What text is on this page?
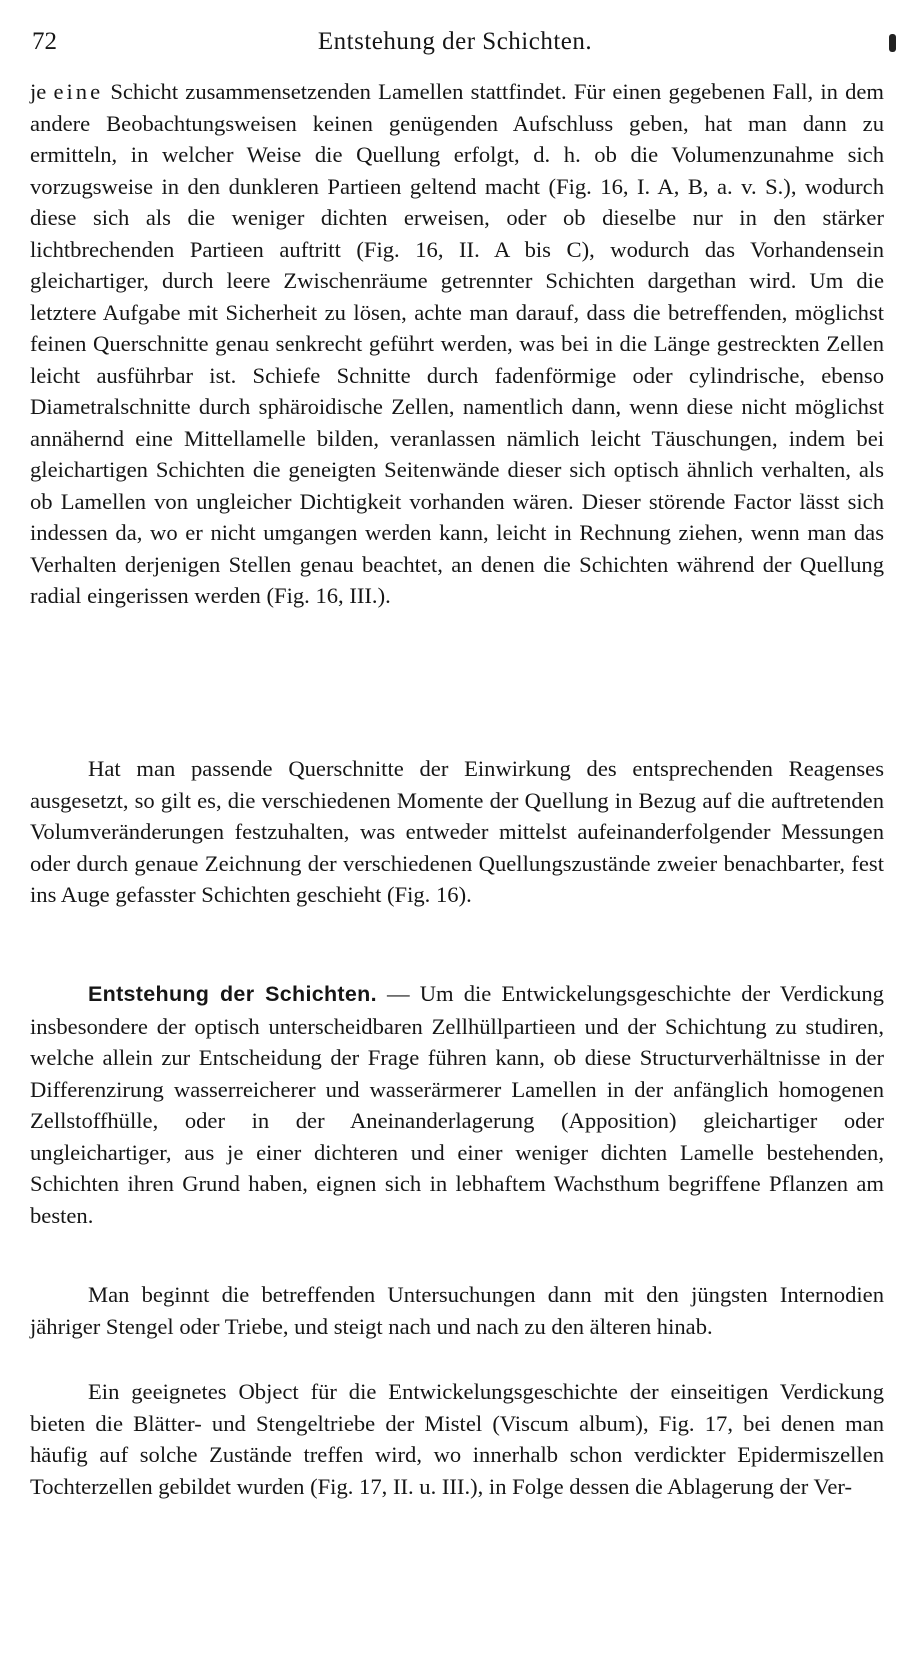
72	Entstehung der Schichten.

je eine Schicht zusammensetzenden Lamellen stattfindet. Für einen gegebenen Fall, in dem andere Beobachtungsweisen keinen genügenden Aufschluss geben, hat man dann zu ermitteln, in welcher Weise die Quellung erfolgt, d. h. ob die Volumenzunahme sich vorzugsweise in den dunkleren Partieen geltend macht (Fig. 16, I. A, B, a. v. S.), wodurch diese sich als die weniger dichten erweisen, oder ob dieselbe nur in den stärker lichtbrechenden Partieen auftritt (Fig. 16, II. A bis C), wodurch das Vorhandensein gleichartiger, durch leere Zwischenräume getrennter Schichten dargethan wird. Um die letztere Aufgabe mit Sicherheit zu lösen, achte man darauf, dass die betreffenden, möglichst feinen Querschnitte genau senkrecht geführt werden, was bei in die Länge gestreckten Zellen leicht ausführbar ist. Schiefe Schnitte durch fadenförmige oder cylindrische, ebenso Diametralschnitte durch sphäroidische Zellen, namentlich dann, wenn diese nicht möglichst annähernd eine Mittellamelle bilden, veranlassen nämlich leicht Täuschungen, indem bei gleichartigen Schichten die geneigten Seitenwände dieser sich optisch ähnlich verhalten, als ob Lamellen von ungleicher Dichtigkeit vorhanden wären. Dieser störende Factor lässt sich indessen da, wo er nicht umgangen werden kann, leicht in Rechnung ziehen, wenn man das Verhalten derjenigen Stellen genau beachtet, an denen die Schichten während der Quellung radial eingerissen werden (Fig. 16, III.).

Hat man passende Querschnitte der Einwirkung des entsprechenden Reagenses ausgesetzt, so gilt es, die verschiedenen Momente der Quellung in Bezug auf die auftretenden Volumveränderungen festzuhalten, was entweder mittelst aufeinanderfolgender Messungen oder durch genaue Zeichnung der verschiedenen Quellungszustände zweier benachbarter, fest ins Auge gefasster Schichten geschieht (Fig. 16).

Entstehung der Schichten. — Um die Entwickelungsgeschichte der Verdickung insbesondere der optisch unterscheidbaren Zellhüllpartieen und der Schichtung zu studiren, welche allein zur Entscheidung der Frage führen kann, ob diese Structurverhältnisse in der Differenzirung wasserreicherer und wasserärmerer Lamellen in der anfänglich homogenen Zellstoffhülle, oder in der Aneinanderlagerung (Apposition) gleichartiger oder ungleichartiger, aus je einer dichteren und einer weniger dichten Lamelle bestehenden, Schichten ihren Grund haben, eignen sich in lebhaftem Wachsthum begriffene Pflanzen am besten.

Man beginnt die betreffenden Untersuchungen dann mit den jüngsten Internodien jähriger Stengel oder Triebe, und steigt nach und nach zu den älteren hinab.

Ein geeignetes Object für die Entwickelungsgeschichte der einseitigen Verdickung bieten die Blätter- und Stengeltriebe der Mistel (Viscum album), Fig. 17, bei denen man häufig auf solche Zustände treffen wird, wo innerhalb schon verdickter Epidermiszellen Tochterzellen gebildet wurden (Fig. 17, II. u. III.), in Folge dessen die Ablagerung der Ver-
